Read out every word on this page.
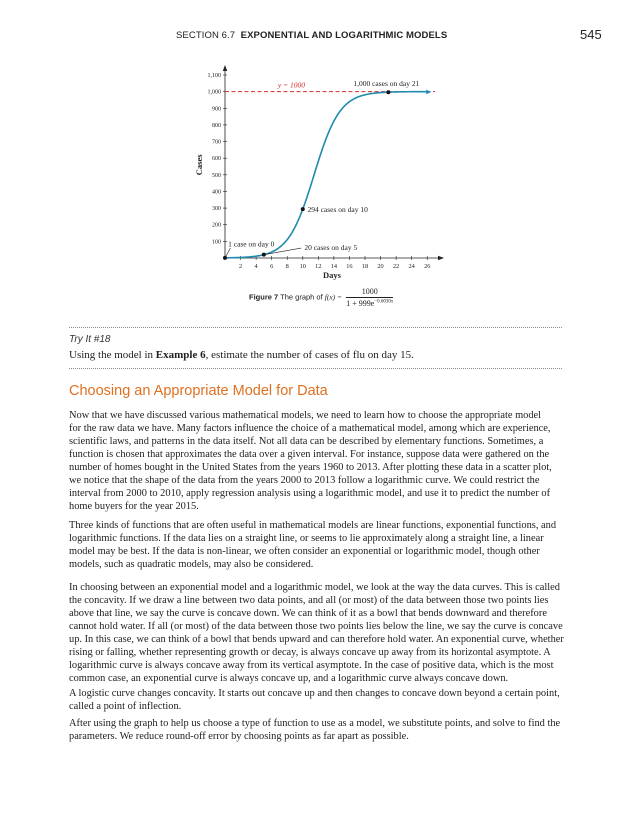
SECTION 6.7 EXPONENTIAL AND LOGARITHMIC MODELS	545
2 4 6 8 10 12 14 16 18 20 22 24 26
100
200
300
400
500
600
700
800
900
1,000
1,100
Days
Cases
y = 1000
1 case on day 0	20 cases on day 5
294 cases on day 10
1,000 cases on day 21
Figure 7 The graph of $f(x) = \frac{1000}{1 + 999e^{-0.6030x}}$
Try It #18
Using the model in Example 6, estimate the number of cases of flu on day 15.
Choosing an Appropriate Model for Data
Now that we have discussed various mathematical models, we need to learn how to choose the appropriate model
for the raw data we have. Many factors influence the choice of a mathematical model, among which are experience,
scientific laws, and patterns in the data itself. Not all data can be described by elementary functions. Sometimes, a
function is chosen that approximates the data over a given interval. For instance, suppose data were gathered on the
number of homes bought in the United States from the years 1960 to 2013. After plotting these data in a scatter plot,
we notice that the shape of the data from the years 2000 to 2013 follow a logarithmic curve. We could restrict the
interval from 2000 to 2010, apply regression analysis using a logarithmic model, and use it to predict the number of
home buyers for the year 2015.
Three kinds of functions that are often useful in mathematical models are linear functions, exponential functions, and
logarithmic functions. If the data lies on a straight line, or seems to lie approximately along a straight line, a linear
model may be best. If the data is non-linear, we often consider an exponential or logarithmic model, though other
models, such as quadratic models, may also be considered.
In choosing between an exponential model and a logarithmic model, we look at the way the data curves. This is called
the concavity. If we draw a line between two data points, and all (or most) of the data between those two points lies
above that line, we say the curve is concave down. We can think of it as a bowl that bends downward and therefore
cannot hold water. If all (or most) of the data between those two points lies below the line, we say the curve is concave
up. In this case, we can think of a bowl that bends upward and can therefore hold water. An exponential curve, whether
rising or falling, whether representing growth or decay, is always concave up away from its horizontal asymptote. A
logarithmic curve is always concave away from its vertical asymptote. In the case of positive data, which is the most
common case, an exponential curve is always concave up, and a logarithmic curve always concave down.
A logistic curve changes concavity. It starts out concave up and then changes to concave down beyond a certain point,
called a point of inflection.
After using the graph to help us choose a type of function to use as a model, we substitute points, and solve to find the
parameters. We reduce round-off error by choosing points as far apart as possible.
